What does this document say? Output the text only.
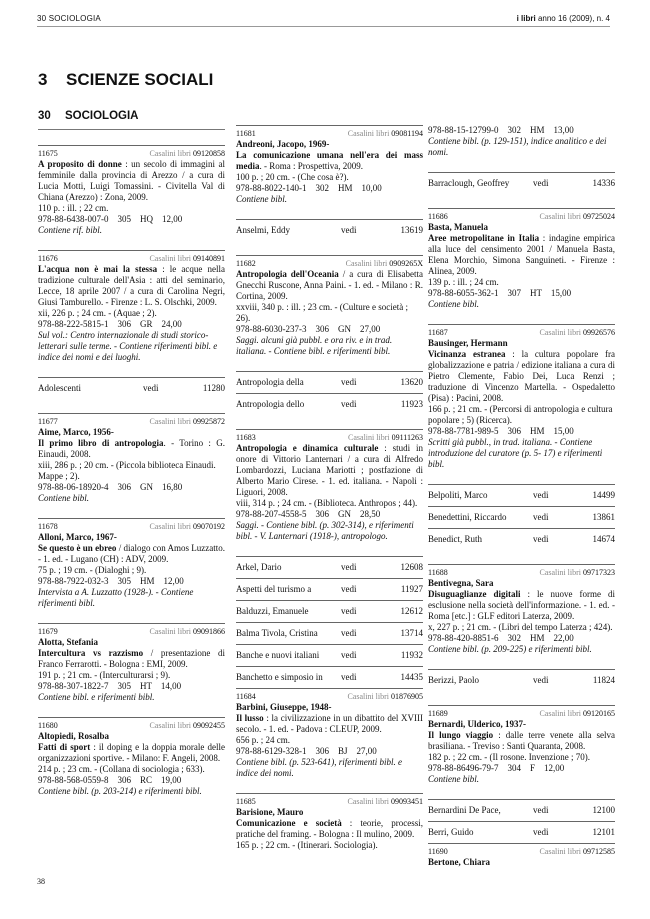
30 SOCIOLOGIA	i libri anno 16 (2009), n. 4
3 SCIENZE SOCIALI
30 SOCIOLOGIA
11675	Casalini libri 09120858
A proposito di donne : un secolo di immagini al femminile dalla provincia di Arezzo / a cura di Lucia Motti, Luigi Tomassini. - Civitella Val di Chiana (Arezzo) : Zona, 2009.
110 p. : ill. ; 22 cm.
978-88-6438-007-0    305    HQ    12,00
Contiene rif. bibl.
11676	Casalini libri 09140891
L'acqua non è mai la stessa : le acque nella tradizione culturale dell'Asia : atti del seminario, Lecce, 18 aprile 2007 / a cura di Carolina Negri, Giusi Tamburello. - Firenze : L. S. Olschki, 2009.
xii, 226 p. ; 24 cm. - (Aquae ; 2).
978-88-222-5815-1    306    GR    24,00
Sul vol.: Centro internazionale di studi storico-letterari sulle terme. - Contiene riferimenti bibl. e indice dei nomi e dei luoghi.
Adolescenti	vedi	11280
11677	Casalini libri 09925872
Aime, Marco, 1956-
Il primo libro di antropologia. - Torino : G. Einaudi, 2008.
xiii, 286 p. ; 20 cm. - (Piccola biblioteca Einaudi. Mappe ; 2).
978-88-06-18920-4    306    GN    16,80
Contiene bibl.
11678	Casalini libri 09070192
Alloni, Marco, 1967-
Se questo è un ebreo / dialogo con Amos Luzzatto. - 1. ed. - Lugano (CH) : ADV, 2009.
75 p. ; 19 cm. - (Dialoghi ; 9).
978-88-7922-032-3    305    HM    12,00
Intervista a A. Luzzatto (1928-). - Contiene riferimenti bibl.
11679	Casalini libri 09091866
Alotta, Stefania
Intercultura vs razzismo / presentazione di Franco Ferrarotti. - Bologna : EMI, 2009.
191 p. ; 21 cm. - (Interculturarsi ; 9).
978-88-307-1822-7    305    HT    14,00
Contiene bibl. e riferimenti bibl.
11680	Casalini libri 09092455
Altopiedi, Rosalba
Fatti di sport : il doping e la doppia morale delle organizzazioni sportive. - Milano: F. Angeli, 2008.
214 p. ; 23 cm. - (Collana di sociologia ; 633).
978-88-568-0559-8    306    RC    19,00
Contiene bibl. (p. 203-214) e riferimenti bibl.
11681	Casalini libri 09081194
Andreoni, Jacopo, 1969-
La comunicazione umana nell'era dei mass media. - Roma : Prospettiva, 2009.
100 p. ; 20 cm. - (Che cosa è?).
978-88-8022-140-1    302    HM    10,00
Contiene bibl.
Anselmi, Eddy	vedi	13619
11682	Casalini libri 0909265X
Antropologia dell'Oceania / a cura di Elisabetta Gnecchi Ruscone, Anna Paini. - 1. ed. - Milano : R. Cortina, 2009.
xxviii, 340 p. : ill. ; 23 cm. - (Culture e società ; 26).
978-88-6030-237-3    306    GN    27,00
Saggi. alcuni già pubbl. e ora riv. e in trad. italiana. - Contiene bibl. e riferimenti bibl.
Antropologia della	vedi	13620
Antropologia dello	vedi	11923
11683	Casalini libri 09111263
Antropologia e dinamica culturale : studi in onore di Vittorio Lanternari / a cura di Alfredo Lombardozzi, Luciana Mariotti ; postfazione di Alberto Mario Cirese. - 1. ed. italiana. - Napoli : Liguori, 2008.
viii, 314 p. ; 24 cm. - (Biblioteca. Anthropos ; 44).
978-88-207-4558-5    306    GN    28,50
Saggi. - Contiene bibl. (p. 302-314), e riferimenti bibl. - V. Lanternari (1918-), antropologo.
Arkel, Dario	vedi	12608
Aspetti del turismo a	vedi	11927
Balduzzi, Emanuele	vedi	12612
Balma Tivola, Cristina	vedi	13714
Banche e nuovi italiani	vedi	11932
Banchetto e simposio in	vedi	14435
11684	Casalini libri 01876905
Barbini, Giuseppe, 1948-
Il lusso : la civilizzazione in un dibattito del XVIII secolo. - 1. ed. - Padova : CLEUP, 2009.
656 p. ; 24 cm.
978-88-6129-328-1    306    BJ    27,00
Contiene bibl. (p. 523-641), riferimenti bibl. e indice dei nomi.
11685	Casalini libri 09093451
Barisione, Mauro
Comunicazione e società : teorie, processi, pratiche del framing. - Bologna : Il mulino, 2009.
165 p. ; 22 cm. - (Itinerari. Sociologia).
978-88-15-12799-0    302    HM    13,00
Contiene bibl. (p. 129-151), indice analitico e dei nomi.
Barraclough, Geoffrey	vedi	14336
11686	Casalini libri 09725024
Basta, Manuela
Aree metropolitane in Italia : indagine empirica alla luce del censimento 2001 / Manuela Basta, Elena Morchio, Simona Sanguineti. - Firenze : Alinea, 2009.
139 p. : ill. ; 24 cm.
978-88-6055-362-1    307    HT    15,00
Contiene bibl.
11687	Casalini libri 09926576
Bausinger, Hermann
Vicinanza estranea : la cultura popolare fra globalizzazione e patria / edizione italiana a cura di Pietro Clemente, Fabio Dei, Luca Renzi ; traduzione di Vincenzo Martella. - Ospedaletto (Pisa) : Pacini, 2008.
166 p. ; 21 cm. - (Percorsi di antropologia e cultura popolare ; 5) (Ricerca).
978-88-7781-989-5    306    HM    15,00
Scritti già pubbl., in trad. italiana. - Contiene introduzione del curatore (p. 5- 17) e riferimenti bibl.
Belpoliti, Marco	vedi	14499
Benedettini, Riccardo	vedi	13861
Benedict, Ruth	vedi	14674
11688	Casalini libri 09717323
Bentivegna, Sara
Disuguaglianze digitali : le nuove forme di esclusione nella società dell'informazione. - 1. ed. - Roma [etc.] : GLF editori Laterza, 2009.
x, 227 p. ; 21 cm. - (Libri del tempo Laterza ; 424).
978-88-420-8851-6    302    HM    22,00
Contiene bibl. (p. 209-225) e riferimenti bibl.
Berizzi, Paolo	vedi	11824
11689	Casalini libri 09120165
Bernardi, Ulderico, 1937-
Il lungo viaggio : dalle terre venete alla selva brasiliana. - Treviso : Santi Quaranta, 2008.
182 p. ; 22 cm. - (Il rosone. Invenzione ; 70).
978-88-86496-79-7    304    F    12,00
Contiene bibl.
Bernardini De Pace,	vedi	12100
Berri, Guido	vedi	12101
11690	Casalini libri 09712585
Bertone, Chiara
38
